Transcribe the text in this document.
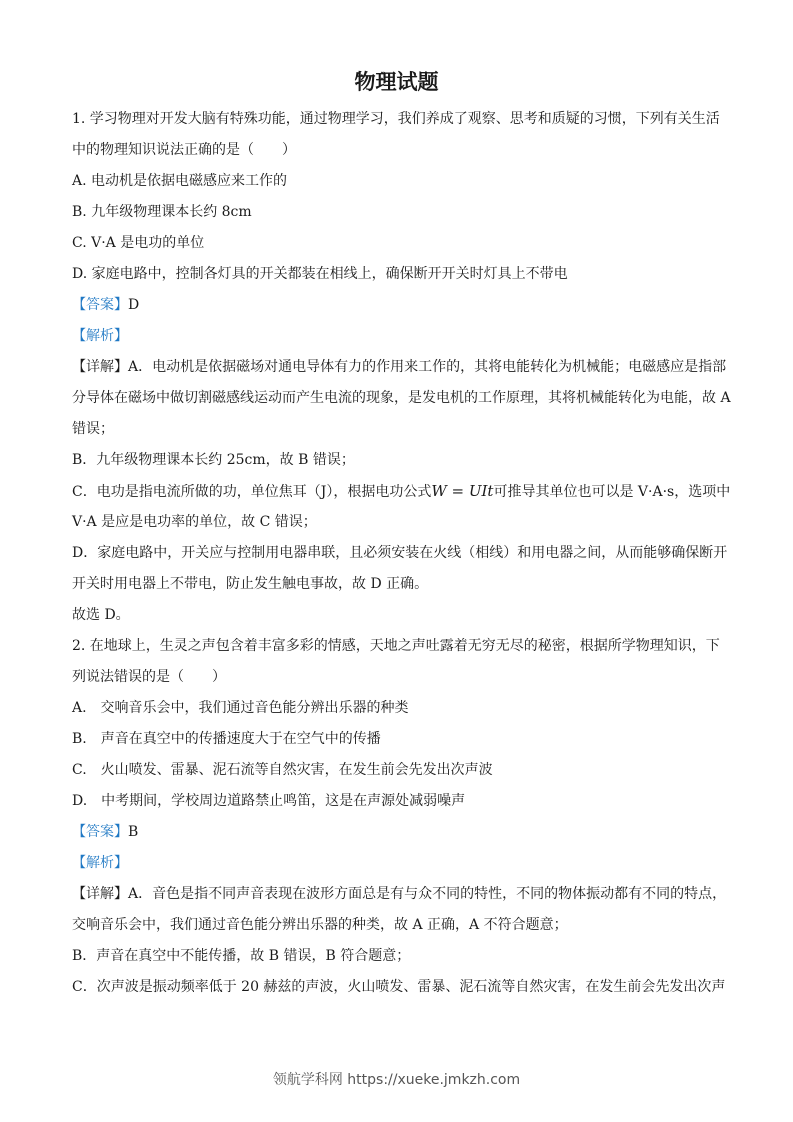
物理试题
1. 学习物理对开发大脑有特殊功能，通过物理学习，我们养成了观察、思考和质疑的习惯，下列有关生活
中的物理知识说法正确的是（　　）
A. 电动机是依据电磁感应来工作的
B. 九年级物理课本长约 8cm
C. V·A 是电功的单位
D. 家庭电路中，控制各灯具的开关都装在相线上，确保断开开关时灯具上不带电
【答案】D
【解析】
【详解】A．电动机是依据磁场对通电导体有力的作用来工作的，其将电能转化为机械能；电磁感应是指部
分导体在磁场中做切割磁感线运动而产生电流的现象，是发电机的工作原理，其将机械能转化为电能，故 A
错误；
B．九年级物理课本长约 25cm，故 B 错误；
C．电功是指电流所做的功，单位焦耳（J），根据电功公式W = UIt可推导其单位也可以是 V·A·s，选项中
V·A 是应是电功率的单位，故 C 错误；
D．家庭电路中，开关应与控制用电器串联，且必须安装在火线（相线）和用电器之间，从而能够确保断开
开关时用电器上不带电，防止发生触电事故，故 D 正确。
故选 D。
2. 在地球上，生灵之声包含着丰富多彩的情感，天地之声吐露着无穷无尽的秘密，根据所学物理知识，下
列说法错误的是（　　）
A.　交响音乐会中，我们通过音色能分辨出乐器的种类
B.　声音在真空中的传播速度大于在空气中的传播
C.　火山喷发、雷暴、泥石流等自然灾害，在发生前会先发出次声波
D.　中考期间，学校周边道路禁止鸣笛，这是在声源处减弱噪声
【答案】B
【解析】
【详解】A．音色是指不同声音表现在波形方面总是有与众不同的特性，不同的物体振动都有不同的特点，
交响音乐会中，我们通过音色能分辨出乐器的种类，故 A 正确，A 不符合题意；
B．声音在真空中不能传播，故 B 错误，B 符合题意；
C．次声波是振动频率低于 20 赫兹的声波，火山喷发、雷暴、泥石流等自然灾害，在发生前会先发出次声
领航学科网 https://xueke.jmkzh.com
